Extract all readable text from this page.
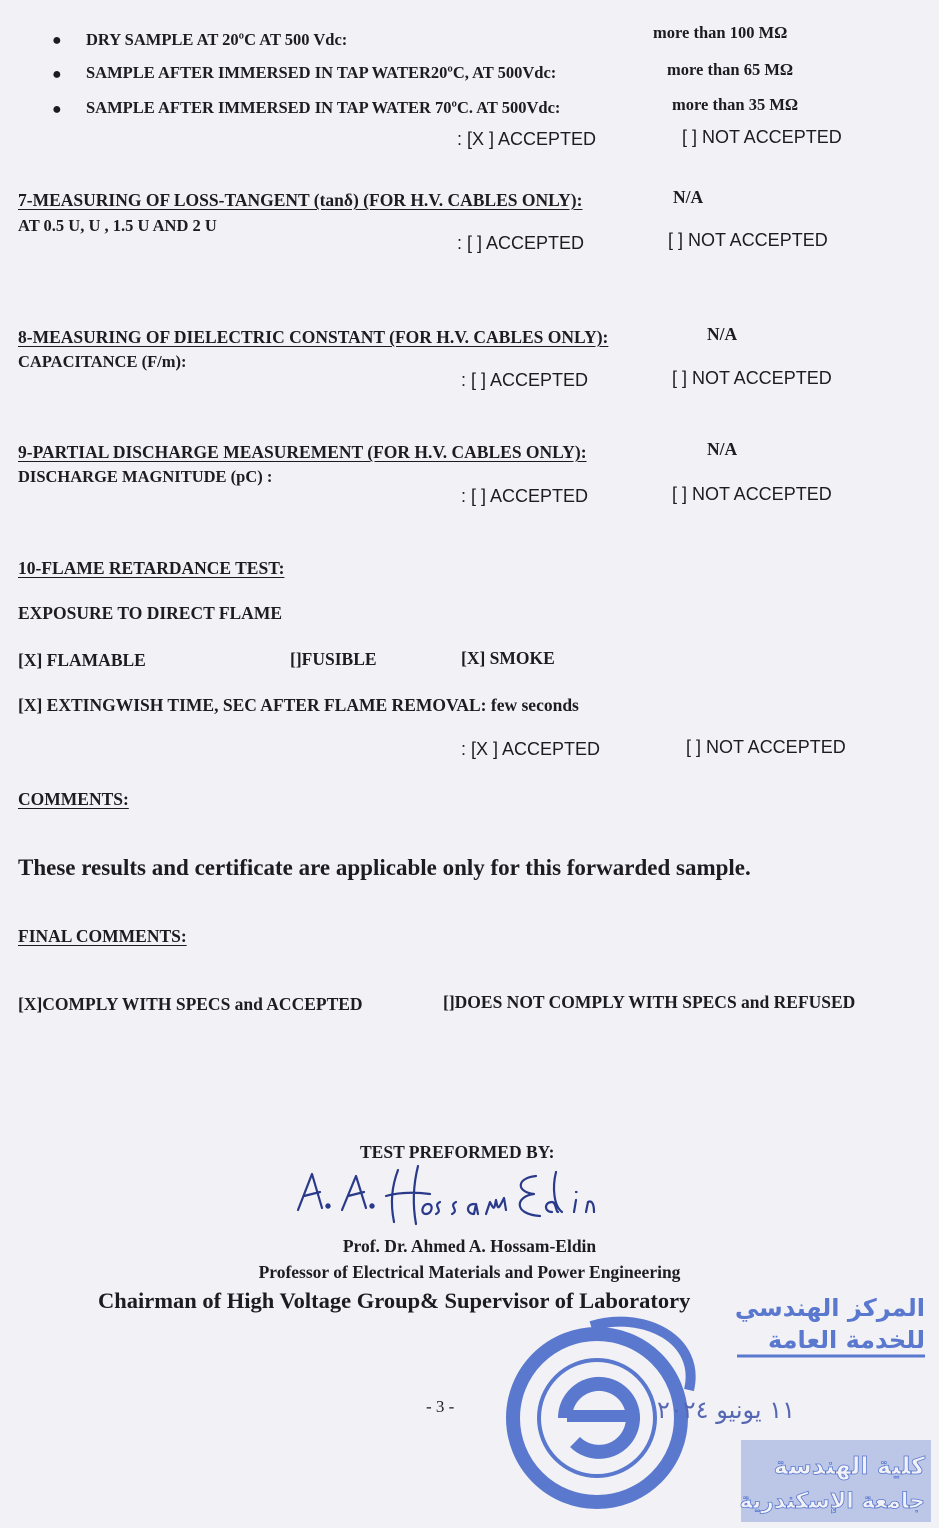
● DRY SAMPLE AT 20ºC AT 500 Vdc:	more than 100 MΩ
● SAMPLE AFTER IMMERSED IN TAP WATER20ºC, AT 500Vdc:	more than 65 MΩ
● SAMPLE AFTER IMMERSED IN TAP WATER 70ºC. AT 500Vdc:	more than 35 MΩ
: [X ] ACCEPTED	[ ] NOT ACCEPTED
7-MEASURING OF LOSS-TANGENT (tanδ) (FOR H.V. CABLES ONLY):	N/A
AT 0.5 U, U , 1.5 U AND 2 U
: [ ] ACCEPTED	[ ] NOT ACCEPTED
8-MEASURING OF DIELECTRIC CONSTANT (FOR H.V. CABLES ONLY):	N/A
CAPACITANCE (F/m):
: [ ] ACCEPTED	[ ] NOT ACCEPTED
9-PARTIAL DISCHARGE MEASUREMENT (FOR H.V. CABLES ONLY):	N/A
DISCHARGE MAGNITUDE (pC) :
: [ ] ACCEPTED	[ ] NOT ACCEPTED
10-FLAME RETARDANCE TEST:
EXPOSURE TO DIRECT FLAME
[X] FLAMABLE	[]FUSIBLE	[X] SMOKE
[X] EXTINGWISH TIME, SEC AFTER FLAME REMOVAL: few seconds
: [X ] ACCEPTED	[ ] NOT ACCEPTED
COMMENTS:
These results and certificate are applicable only for this forwarded sample.
FINAL COMMENTS:
[X]COMPLY WITH SPECS and ACCEPTED	[]DOES NOT COMPLY WITH SPECS and REFUSED
TEST PREFORMED BY:
Prof. Dr. Ahmed A. Hossam-Eldin
Professor of Electrical Materials and Power Engineering
Chairman of High Voltage Group& Supervisor of Laboratory
- 3 -
المركز الهندسي
للخدمة العامة
١١ يونيو ٢٠٢٤
كلية الهندسة
جامعة الإسكندرية
